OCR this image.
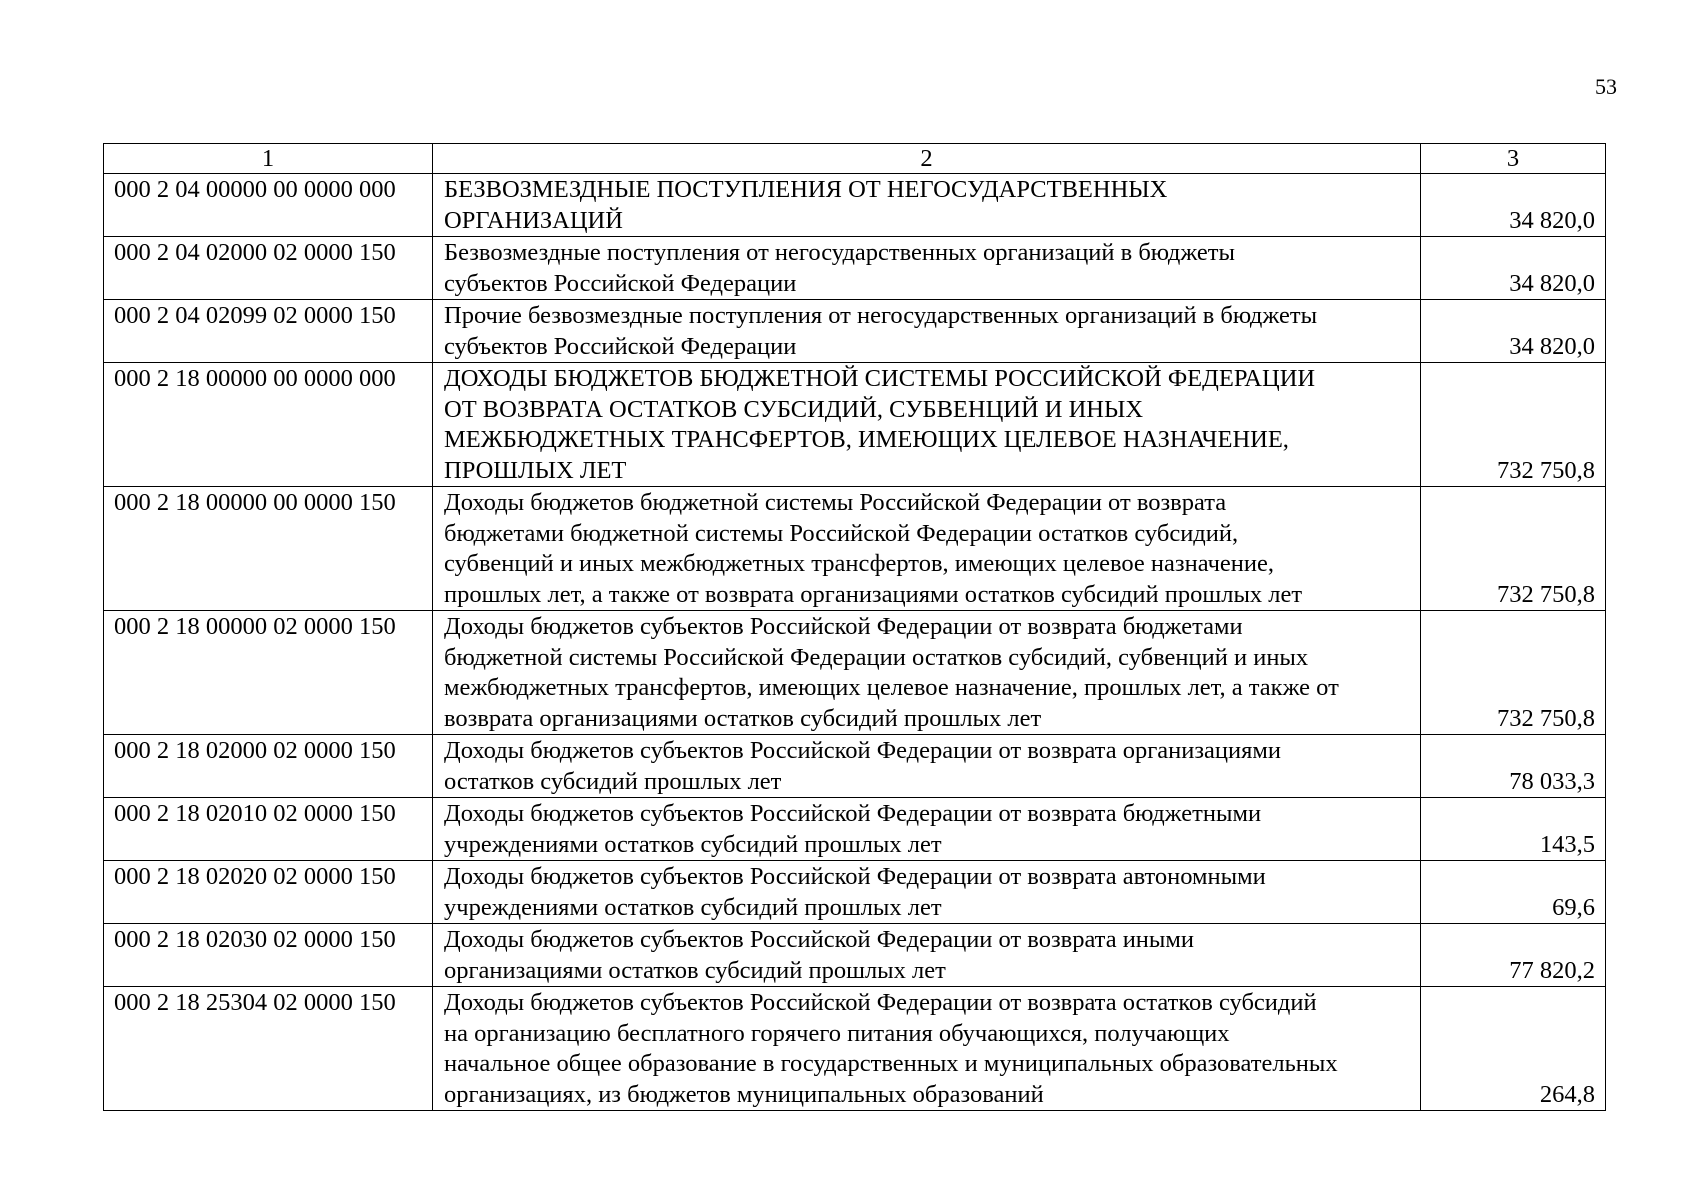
53
1	2	3
000 2 04 00000 00 0000 000	БЕЗВОЗМЕЗДНЫЕ ПОСТУПЛЕНИЯ ОТ НЕГОСУДАРСТВЕННЫХ
ОРГАНИЗАЦИЙ	34 820,0
000 2 04 02000 02 0000 150	Безвозмездные поступления от негосударственных организаций в бюджеты
субъектов Российской Федерации	34 820,0
000 2 04 02099 02 0000 150	Прочие безвозмездные поступления от негосударственных организаций в бюджеты
субъектов Российской Федерации	34 820,0
000 2 18 00000 00 0000 000	ДОХОДЫ БЮДЖЕТОВ БЮДЖЕТНОЙ СИСТЕМЫ РОССИЙСКОЙ ФЕДЕРАЦИИ
ОТ ВОЗВРАТА ОСТАТКОВ СУБСИДИЙ, СУБВЕНЦИЙ И ИНЫХ
МЕЖБЮДЖЕТНЫХ ТРАНСФЕРТОВ, ИМЕЮЩИХ ЦЕЛЕВОЕ НАЗНАЧЕНИЕ,
ПРОШЛЫХ ЛЕТ	732 750,8
000 2 18 00000 00 0000 150	Доходы бюджетов бюджетной системы Российской Федерации от возврата
бюджетами бюджетной системы Российской Федерации остатков субсидий,
субвенций и иных межбюджетных трансфертов, имеющих целевое назначение,
прошлых лет, а также от возврата организациями остатков субсидий прошлых лет	732 750,8
000 2 18 00000 02 0000 150	Доходы бюджетов субъектов Российской Федерации от возврата бюджетами
бюджетной системы Российской Федерации остатков субсидий, субвенций и иных
межбюджетных трансфертов, имеющих целевое назначение, прошлых лет, а также от
возврата организациями остатков субсидий прошлых лет	732 750,8
000 2 18 02000 02 0000 150	Доходы бюджетов субъектов Российской Федерации от возврата организациями
остатков субсидий прошлых лет	78 033,3
000 2 18 02010 02 0000 150	Доходы бюджетов субъектов Российской Федерации от возврата бюджетными
учреждениями остатков субсидий прошлых лет	143,5
000 2 18 02020 02 0000 150	Доходы бюджетов субъектов Российской Федерации от возврата автономными
учреждениями остатков субсидий прошлых лет	69,6
000 2 18 02030 02 0000 150	Доходы бюджетов субъектов Российской Федерации от возврата иными
организациями остатков субсидий прошлых лет	77 820,2
000 2 18 25304 02 0000 150	Доходы бюджетов субъектов Российской Федерации от возврата остатков субсидий
на организацию бесплатного горячего питания обучающихся, получающих
начальное общее образование в государственных и муниципальных образовательных
организациях, из бюджетов муниципальных образований	264,8
